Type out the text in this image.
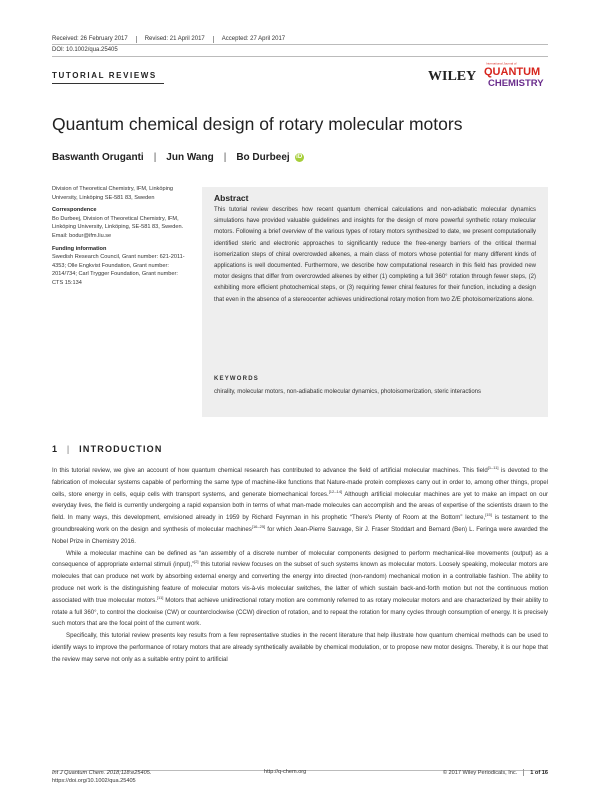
Received: 26 February 2017	Revised: 21 April 2017	Accepted: 27 April 2017
DOI: 10.1002/qua.25405
TUTORIAL REVIEWS	WILEY
International Journal of
QUANTUM
CHEMISTRY
Quantum chemical design of rotary molecular motors
Baswanth Oruganti | Jun Wang | Bo Durbeej iD

Division of Theoretical Chemistry, IFM, Linköping University, Linköping SE-581 83, Sweden

Correspondence

Bo Durbeej, Division of Theoretical Chemistry, IFM, Linköping University, Linköping, SE-581 83, Sweden. Email: bodur@ifm.liu.se

Funding information

Swedish Research Council, Grant number: 621-2011-4353; Olle Engkvist Foundation, Grant number: 2014/734; Carl Trygger Foundation, Grant number: CTS 15:134

Abstract
This tutorial review describes how recent quantum chemical calculations and non-adiabatic molecular dynamics simulations have provided valuable guidelines and insights for the design of more powerful synthetic rotary molecular motors. Following a brief overview of the various types of rotary motors synthesized to date, we present computationally identified steric and electronic approaches to significantly reduce the free-energy barriers of the critical thermal isomerization steps of chiral overcrowded alkenes, a main class of motors whose potential for many different kinds of applications is well documented. Furthermore, we describe how computational research in this field has provided new motor designs that differ from overcrowded alkenes by either (1) completing a full 360° rotation through fewer steps, (2) exhibiting more efficient photochemical steps, or (3) requiring fewer chiral features for their function, including a design that even in the absence of a stereocenter achieves unidirectional rotary motion from two Z/E photoisomerizations alone.
KEYWORDS
chirality, molecular motors, non-adiabatic molecular dynamics, photoisomerization, steric interactions
1 | INTRODUCTION

In this tutorial review, we give an account of how quantum chemical research has contributed to advance the field of artificial molecular machines. This field[1–11] is devoted to the fabrication of molecular systems capable of performing the same type of machine-like functions that Nature-made protein complexes carry out in order to, among other things, propel cells, store energy in cells, equip cells with transport systems, and generate biomechanical forces.[12–14] Although artificial molecular machines are yet to make an impact on our everyday lives, the field is currently undergoing a rapid expansion both in terms of what man-made molecules can accomplish and the areas of expertise of the scientists drawn to the field. In many ways, this development, envisioned already in 1959 by Richard Feynman in his prophetic “There's Plenty of Room at the Bottom” lecture,[15] is testament to the groundbreaking work on the design and synthesis of molecular machines[16–25] for which Jean-Pierre Sauvage, Sir J. Fraser Stoddart and Bernard (Ben) L. Feringa were awarded the Nobel Prize in Chemistry 2016.

While a molecular machine can be defined as “an assembly of a discrete number of molecular components designed to perform mechanical-like movements (output) as a consequence of appropriate external stimuli (input),”[2] this tutorial review focuses on the subset of such systems known as molecular motors. Loosely speaking, molecular motors are molecules that can produce net work by absorbing external energy and converting the energy into directed (non-random) mechanical motion in a controllable fashion. The ability to produce net work is the distinguishing feature of molecular motors vis-à-vis molecular switches, the latter of which sustain back-and-forth motion but not the continuous motion associated with true molecular motors.[11] Motors that achieve unidirectional rotary motion are commonly referred to as rotary molecular motors and are characterized by their ability to rotate a full 360°, to control the clockwise (CW) or counterclockwise (CCW) direction of rotation, and to repeat the rotation for many cycles through consumption of energy. It is precisely such motors that are the focal point of the current work.

Specifically, this tutorial review presents key results from a few representative studies in the recent literature that help illustrate how quantum chemical methods can be used to identify ways to improve the performance of rotary motors that are already synthetically available by chemical modulation, or to propose new motor designs. Thereby, it is our hope that the review may serve not only as a suitable entry point to artificial

Int J Quantum Chem. 2018;118:e25405.
https://doi.org/10.1002/qua.25405
http://q-chem.org	© 2017 Wiley Periodicals, Inc. 1 of 16
